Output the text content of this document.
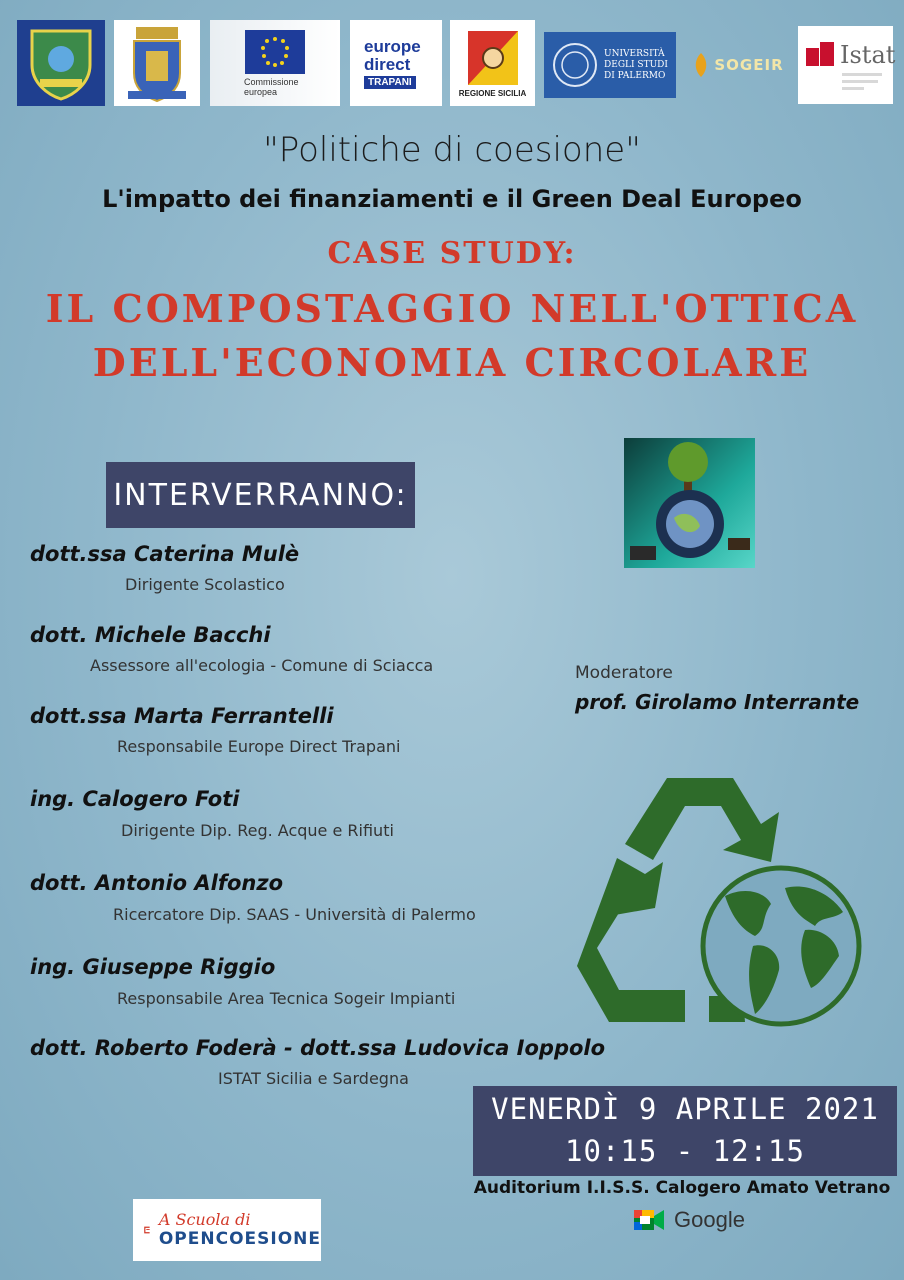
Commissione europea
europe
direct
TRAPANI
REGIONE SICILIA
UNIVERSITÀ
DEGLI STUDI
DI PALERMO
SOGEIR Istat
"Politiche di coesione"
L'impatto dei finanziamenti e il Green Deal Europeo
CASE STUDY:
IL COMPOSTAGGIO NELL'OTTICA
DELL'ECONOMIA CIRCOLARE
INTERVERRANNO:
dott.ssa Caterina Mulè
Dirigente Scolastico
dott. Michele Bacchi
Assessore all'ecologia - Comune di Sciacca
dott.ssa Marta Ferrantelli
Responsabile Europe Direct Trapani
ing. Calogero Foti
Dirigente Dip. Reg. Acque e Rifiuti
dott. Antonio Alfonzo
Ricercatore Dip. SAAS - Università di Palermo
ing. Giuseppe Riggio
Responsabile Area Tecnica Sogeir Impianti
dott. Roberto Foderà - dott.ssa Ludovica Ioppolo
ISTAT Sicilia e Sardegna
Moderatore
prof. Girolamo Interrante
VENERDÌ 9 APRILE 2021
10:15 - 12:15
Auditorium I.I.S.S. Calogero Amato Vetrano
Google
A Scuola di
OPENCOESIONE
